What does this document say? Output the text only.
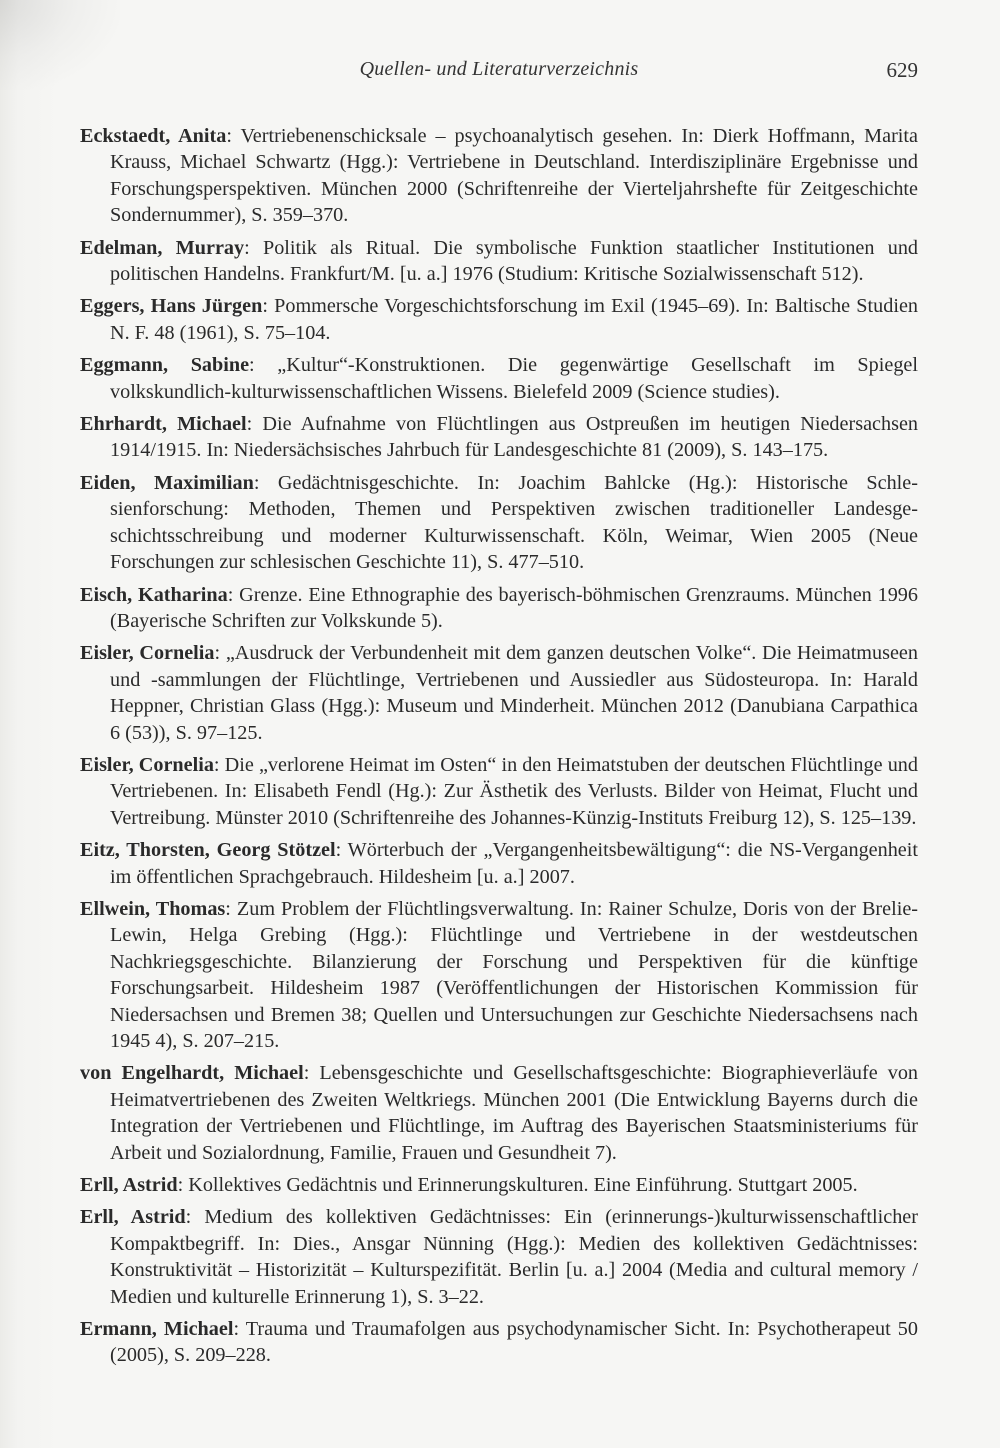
Quellen- und Literaturverzeichnis	629

Eckstaedt, Anita: Vertriebenenschicksale – psychoanalytisch gesehen. In: Dierk Hoffmann, Marita Krauss, Michael Schwartz (Hgg.): Vertriebene in Deutschland. Interdisziplinäre Ergebnisse und Forschungsperspektiven. München 2000 (Schriftenreihe der Vierteljahrshefte für Zeitgeschichte Sondernummer), S. 359–370.

Edelman, Murray: Politik als Ritual. Die symbolische Funktion staatlicher Institutionen und politischen Handelns. Frankfurt/M. [u. a.] 1976 (Studium: Kritische Sozialwissenschaft 512).

Eggers, Hans Jürgen: Pommersche Vorgeschichtsforschung im Exil (1945–69). In: Baltische Studien N. F. 48 (1961), S. 75–104.

Eggmann, Sabine: „Kultur“-Konstruktionen. Die gegenwärtige Gesellschaft im Spiegel volkskundlich-kulturwissenschaftlichen Wissens. Bielefeld 2009 (Science studies).

Ehrhardt, Michael: Die Aufnahme von Flüchtlingen aus Ostpreußen im heutigen Niedersachsen 1914/1915. In: Niedersächsisches Jahrbuch für Landesgeschichte 81 (2009), S. 143–175.

Eiden, Maximilian: Gedächtnisgeschichte. In: Joachim Bahlcke (Hg.): Historische Schlesienforschung: Methoden, Themen und Perspektiven zwischen traditioneller Landesgeschichtsschreibung und moderner Kulturwissenschaft. Köln, Weimar, Wien 2005 (Neue Forschungen zur schlesischen Geschichte 11), S. 477–510.

Eisch, Katharina: Grenze. Eine Ethnographie des bayerisch-böhmischen Grenzraums. München 1996 (Bayerische Schriften zur Volkskunde 5).

Eisler, Cornelia: „Ausdruck der Verbundenheit mit dem ganzen deutschen Volke“. Die Heimatmuseen und -sammlungen der Flüchtlinge, Vertriebenen und Aussiedler aus Südosteuropa. In: Harald Heppner, Christian Glass (Hgg.): Museum und Minderheit. München 2012 (Danubiana Carpathica 6 (53)), S. 97–125.

Eisler, Cornelia: Die „verlorene Heimat im Osten“ in den Heimatstuben der deutschen Flüchtlinge und Vertriebenen. In: Elisabeth Fendl (Hg.): Zur Ästhetik des Verlusts. Bilder von Heimat, Flucht und Vertreibung. Münster 2010 (Schriftenreihe des Johannes-Künzig-Instituts Freiburg 12), S. 125–139.

Eitz, Thorsten, Georg Stötzel: Wörterbuch der „Vergangenheitsbewältigung“: die NS-Vergangenheit im öffentlichen Sprachgebrauch. Hildesheim [u. a.] 2007.

Ellwein, Thomas: Zum Problem der Flüchtlingsverwaltung. In: Rainer Schulze, Doris von der Brelie-Lewin, Helga Grebing (Hgg.): Flüchtlinge und Vertriebene in der westdeutschen Nachkriegsgeschichte. Bilanzierung der Forschung und Perspektiven für die künftige Forschungsarbeit. Hildesheim 1987 (Veröffentlichungen der Historischen Kommission für Niedersachsen und Bremen 38; Quellen und Untersuchungen zur Geschichte Niedersachsens nach 1945 4), S. 207–215.

von Engelhardt, Michael: Lebensgeschichte und Gesellschaftsgeschichte: Biographieverläufe von Heimatvertriebenen des Zweiten Weltkriegs. München 2001 (Die Entwicklung Bayerns durch die Integration der Vertriebenen und Flüchtlinge, im Auftrag des Bayerischen Staatsministeriums für Arbeit und Sozialordnung, Familie, Frauen und Gesundheit 7).

Erll, Astrid: Kollektives Gedächtnis und Erinnerungskulturen. Eine Einführung. Stuttgart 2005.

Erll, Astrid: Medium des kollektiven Gedächtnisses: Ein (erinnerungs-)kulturwissenschaftlicher Kompaktbegriff. In: Dies., Ansgar Nünning (Hgg.): Medien des kollektiven Gedächtnisses: Konstruktivität – Historizität – Kulturspezifität. Berlin [u. a.] 2004 (Media and cultural memory / Medien und kulturelle Erinnerung 1), S. 3–22.

Ermann, Michael: Trauma und Traumafolgen aus psychodynamischer Sicht. In: Psychotherapeut 50 (2005), S. 209–228.
